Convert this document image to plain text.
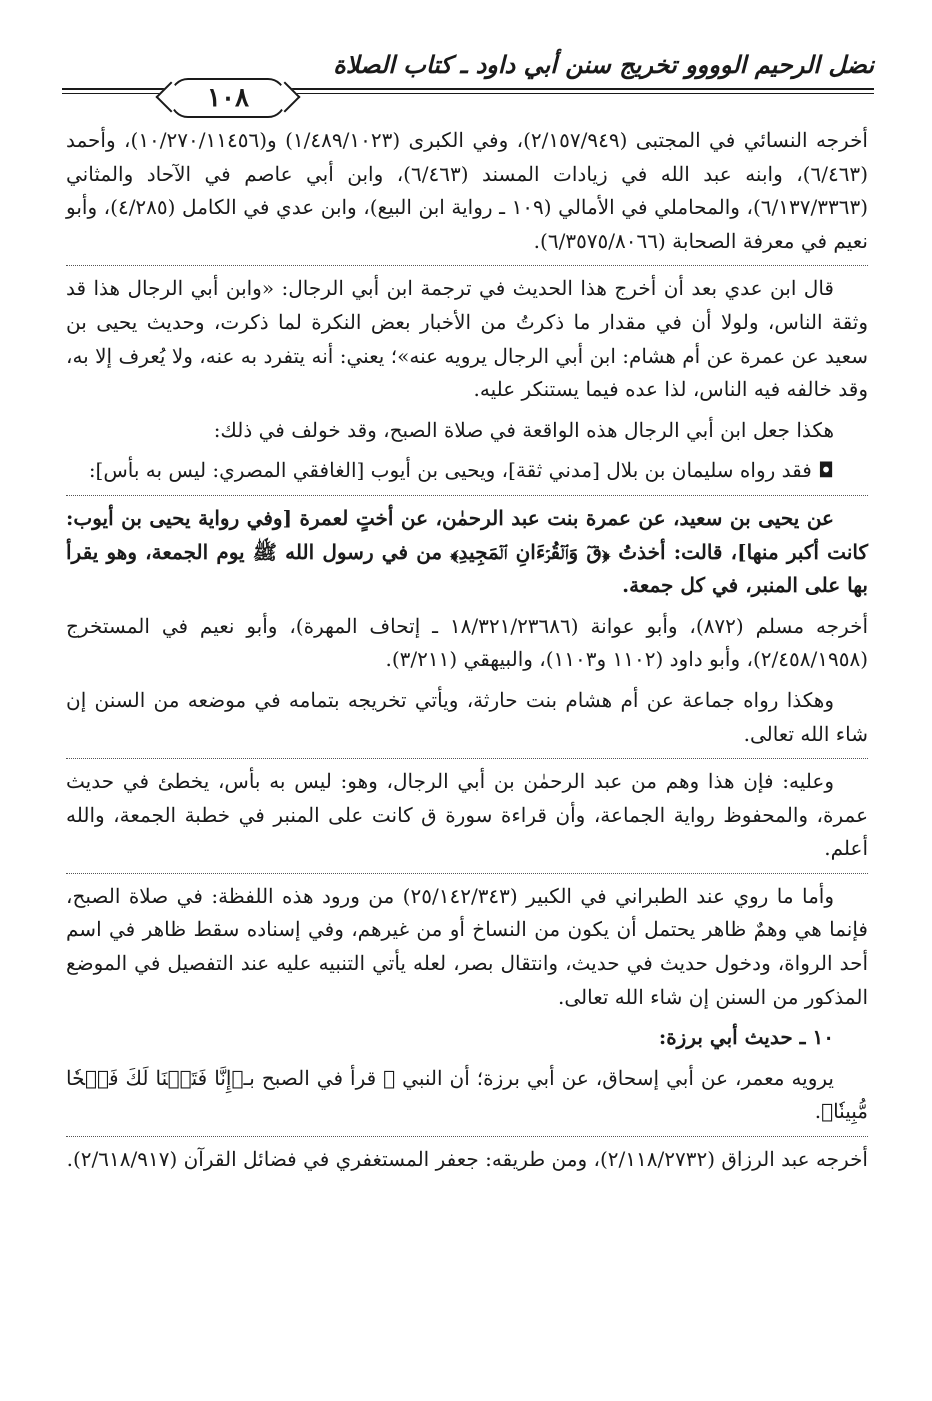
نضل الرحيم الوووو تخريج سنن أبي داود ـ كتاب الصلاة
١٠٨

أخرجه النسائي في المجتبى (٢/١٥٧/٩٤٩)، وفي الكبرى (١/٤٨٩/١٠٢٣) و(١٠/٢٧٠/١١٤٥٦)، وأحمد (٦/٤٦٣)، وابنه عبد الله في زيادات المسند (٦/٤٦٣)، وابن أبي عاصم في الآحاد والمثاني (٦/١٣٧/٣٣٦٣)، والمحاملي في الأمالي (١٠٩ ـ رواية ابن البيع)، وابن عدي في الكامل (٤/٢٨٥)، وأبو نعيم في معرفة الصحابة (٦/٣٥٧٥/٨٠٦٦).

قال ابن عدي بعد أن أخرج هذا الحديث في ترجمة ابن أبي الرجال: «وابن أبي الرجال هذا قد وثقة الناس، ولولا أن في مقدار ما ذكرتُ من الأخبار بعض النكرة لما ذكرت، وحديث يحيى بن سعيد عن عمرة عن أم هشام: ابن أبي الرجال يرويه عنه»؛ يعني: أنه يتفرد به عنه، ولا يُعرف إلا به، وقد خالفه فيه الناس، لذا عده فيما يستنكر عليه.

هكذا جعل ابن أبي الرجال هذه الواقعة في صلاة الصبح، وقد خولف في ذلك:

◘ فقد رواه سليمان بن بلال [مدني ثقة]، ويحيى بن أيوب [الغافقي المصري: ليس به بأس]:

عن يحيى بن سعيد، عن عمرة بنت عبد الرحمٰن، عن أختٍ لعمرة [وفي رواية يحيى بن أيوب: كانت أكبر منها]، قالت: أخذتُ ﴿قٓ وَٱلۡقُرۡءَانِ ٱلۡمَجِيدِ﴾ من في رسول الله ﷺ يوم الجمعة، وهو يقرأ بها على المنبر، في كل جمعة.

أخرجه مسلم (٨٧٢)، وأبو عوانة (١٨/٣٢١/٢٣٦٨٦ ـ إتحاف المهرة)، وأبو نعيم في المستخرج (٢/٤٥٨/١٩٥٨)، وأبو داود (١١٠٢ و١١٠٣)، والبيهقي (٣/٢١١).

وهكذا رواه جماعة عن أم هشام بنت حارثة، ويأتي تخريجه بتمامه في موضعه من السنن إن شاء الله تعالى.

وعليه: فإن هذا وهم من عبد الرحمٰن بن أبي الرجال، وهو: ليس به بأس، يخطئ في حديث عمرة، والمحفوظ رواية الجماعة، وأن قراءة سورة ق كانت على المنبر في خطبة الجمعة، والله أعلم.

وأما ما روي عند الطبراني في الكبير (٢٥/١٤٢/٣٤٣) من ورود هذه اللفظة: في صلاة الصبح، فإنما هي وهمٌ ظاهر يحتمل أن يكون من النساخ أو من غيرهم، وفي إسناده سقط ظاهر في اسم أحد الرواة، ودخول حديث في حديث، وانتقال بصر، لعله يأتي التنبيه عليه عند التفصيل في الموضع المذكور من السنن إن شاء الله تعالى.

١٠ ـ حديث أبي برزة:

يرويه معمر، عن أبي إسحاق، عن أبي برزة؛ أن النبي ﷺ قرأ في الصبح بـ﴿إِنَّا فَتَحۡنَا لَكَ فَتۡحٗا مُّبِينٗا﴾.

أخرجه عبد الرزاق (٢/١١٨/٢٧٣٢)، ومن طريقه: جعفر المستغفري في فضائل القرآن (٢/٦١٨/٩١٧).
